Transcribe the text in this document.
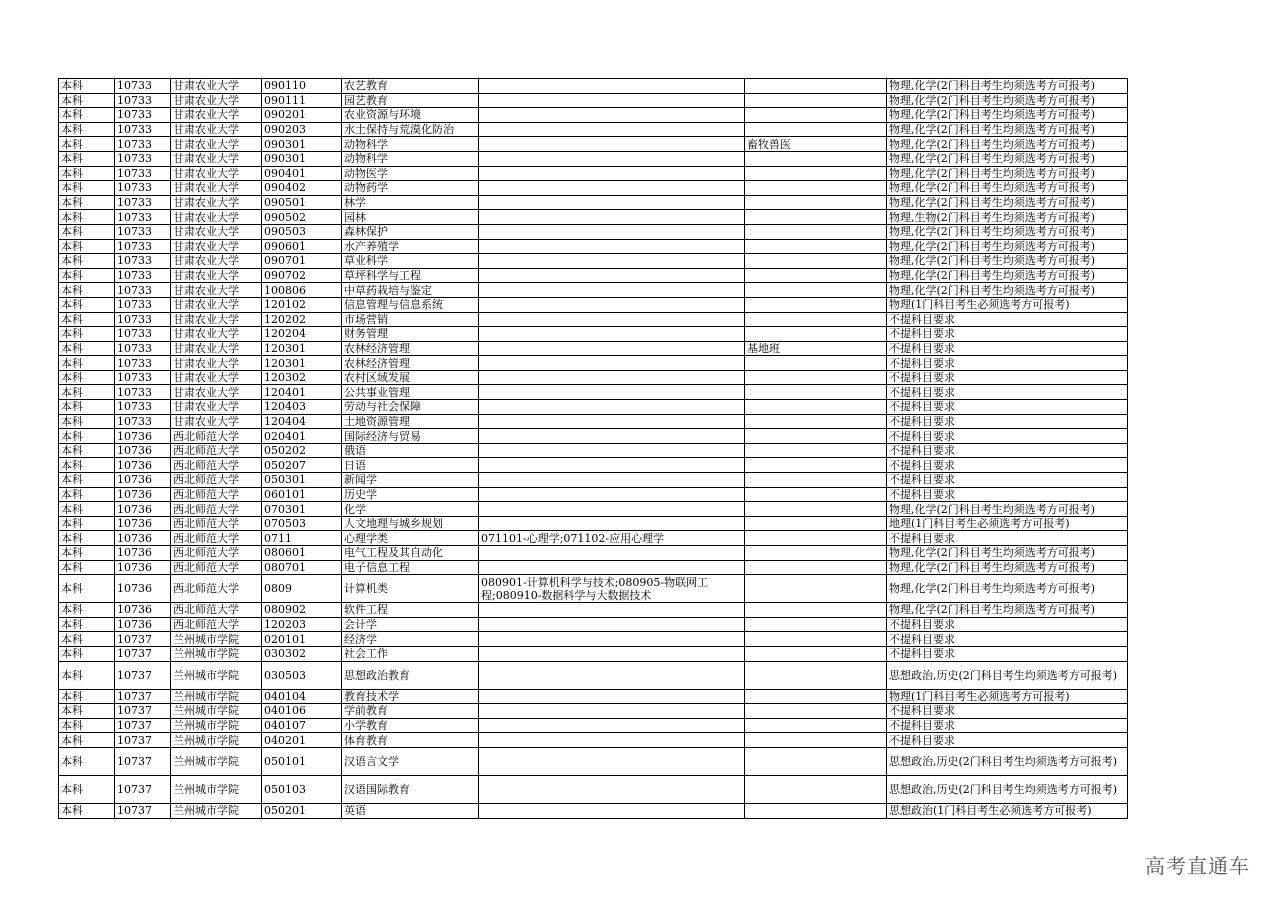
本科	10733	甘肃农业大学	090110	农艺教育			物理,化学(2门科目考生均须选考方可报考)
本科	10733	甘肃农业大学	090111	园艺教育			物理,化学(2门科目考生均须选考方可报考)
本科	10733	甘肃农业大学	090201	农业资源与环境			物理,化学(2门科目考生均须选考方可报考)
本科	10733	甘肃农业大学	090203	水土保持与荒漠化防治			物理,化学(2门科目考生均须选考方可报考)
本科	10733	甘肃农业大学	090301	动物科学		畜牧兽医	物理,化学(2门科目考生均须选考方可报考)
本科	10733	甘肃农业大学	090301	动物科学			物理,化学(2门科目考生均须选考方可报考)
本科	10733	甘肃农业大学	090401	动物医学			物理,化学(2门科目考生均须选考方可报考)
本科	10733	甘肃农业大学	090402	动物药学			物理,化学(2门科目考生均须选考方可报考)
本科	10733	甘肃农业大学	090501	林学			物理,化学(2门科目考生均须选考方可报考)
本科	10733	甘肃农业大学	090502	园林			物理,生物(2门科目考生均须选考方可报考)
本科	10733	甘肃农业大学	090503	森林保护			物理,化学(2门科目考生均须选考方可报考)
本科	10733	甘肃农业大学	090601	水产养殖学			物理,化学(2门科目考生均须选考方可报考)
本科	10733	甘肃农业大学	090701	草业科学			物理,化学(2门科目考生均须选考方可报考)
本科	10733	甘肃农业大学	090702	草坪科学与工程			物理,化学(2门科目考生均须选考方可报考)
本科	10733	甘肃农业大学	100806	中草药栽培与鉴定			物理,化学(2门科目考生均须选考方可报考)
本科	10733	甘肃农业大学	120102	信息管理与信息系统			物理(1门科目考生必须选考方可报考)
本科	10733	甘肃农业大学	120202	市场营销			不提科目要求
本科	10733	甘肃农业大学	120204	财务管理			不提科目要求
本科	10733	甘肃农业大学	120301	农林经济管理		基地班	不提科目要求
本科	10733	甘肃农业大学	120301	农林经济管理			不提科目要求
本科	10733	甘肃农业大学	120302	农村区域发展			不提科目要求
本科	10733	甘肃农业大学	120401	公共事业管理			不提科目要求
本科	10733	甘肃农业大学	120403	劳动与社会保障			不提科目要求
本科	10733	甘肃农业大学	120404	土地资源管理			不提科目要求
本科	10736	西北师范大学	020401	国际经济与贸易			不提科目要求
本科	10736	西北师范大学	050202	俄语			不提科目要求
本科	10736	西北师范大学	050207	日语			不提科目要求
本科	10736	西北师范大学	050301	新闻学			不提科目要求
本科	10736	西北师范大学	060101	历史学			不提科目要求
本科	10736	西北师范大学	070301	化学			物理,化学(2门科目考生均须选考方可报考)
本科	10736	西北师范大学	070503	人文地理与城乡规划			地理(1门科目考生必须选考方可报考)
本科	10736	西北师范大学	0711	心理学类	071101-心理学;071102-应用心理学		不提科目要求
本科	10736	西北师范大学	080601	电气工程及其自动化			物理,化学(2门科目考生均须选考方可报考)
本科	10736	西北师范大学	080701	电子信息工程			物理,化学(2门科目考生均须选考方可报考)
本科	10736	西北师范大学	0809	计算机类	080901-计算机科学与技术;080905-物联网工程;080910-数据科学与大数据技术		物理,化学(2门科目考生均须选考方可报考)
本科	10736	西北师范大学	080902	软件工程			物理,化学(2门科目考生均须选考方可报考)
本科	10736	西北师范大学	120203	会计学			不提科目要求
本科	10737	兰州城市学院	020101	经济学			不提科目要求
本科	10737	兰州城市学院	030302	社会工作			不提科目要求
本科	10737	兰州城市学院	030503	思想政治教育			思想政治,历史(2门科目考生均须选考方可报考)
本科	10737	兰州城市学院	040104	教育技术学			物理(1门科目考生必须选考方可报考)
本科	10737	兰州城市学院	040106	学前教育			不提科目要求
本科	10737	兰州城市学院	040107	小学教育			不提科目要求
本科	10737	兰州城市学院	040201	体育教育			不提科目要求
本科	10737	兰州城市学院	050101	汉语言文学			思想政治,历史(2门科目考生均须选考方可报考)
本科	10737	兰州城市学院	050103	汉语国际教育			思想政治,历史(2门科目考生均须选考方可报考)
本科	10737	兰州城市学院	050201	英语			思想政治(1门科目考生必须选考方可报考)
高考直通车
